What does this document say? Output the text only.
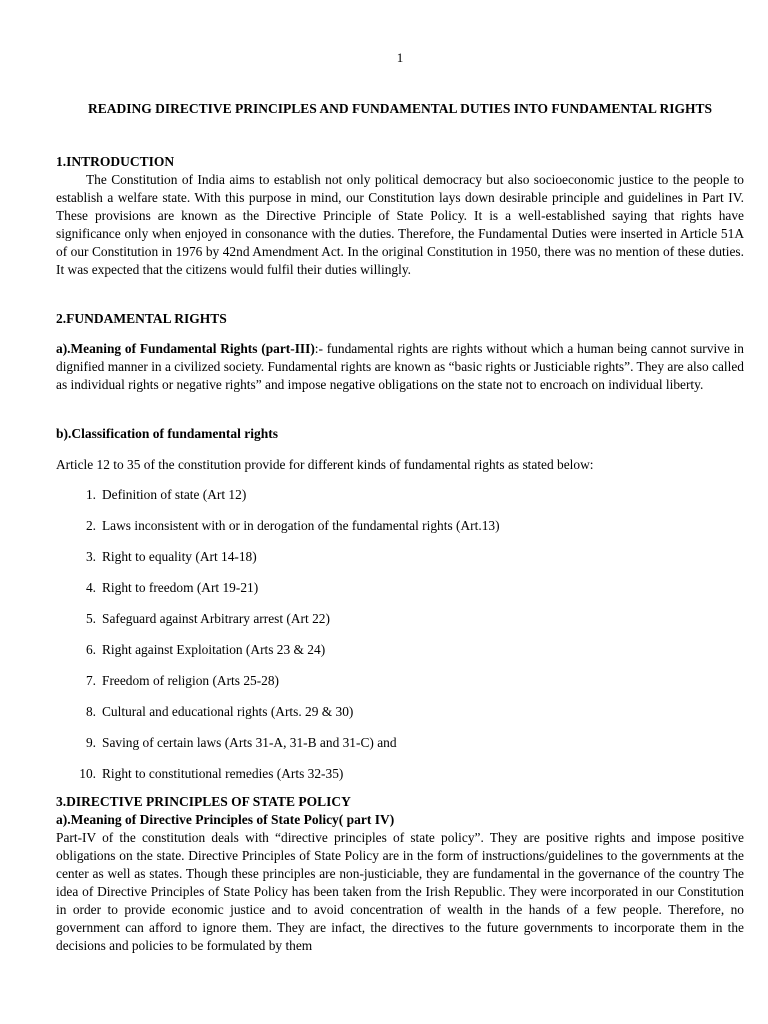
1
READING DIRECTIVE PRINCIPLES AND FUNDAMENTAL DUTIES INTO FUNDAMENTAL RIGHTS
1.INTRODUCTION
The Constitution of India aims to establish not only political democracy but also socioeconomic justice to the people to establish a welfare state. With this purpose in mind, our Constitution lays down desirable principle and guidelines in Part IV. These provisions are known as the Directive Principle of State Policy. It is a well-established saying that rights have significance only when enjoyed in consonance with the duties. Therefore, the Fundamental Duties were inserted in Article 51A of our Constitution in 1976 by 42nd Amendment Act. In the original Constitution in 1950, there was no mention of these duties. It was expected that the citizens would fulfil their duties willingly.
2.FUNDAMENTAL RIGHTS
a).Meaning of Fundamental Rights (part-III):- fundamental rights are rights without which a human being cannot survive in dignified manner in a civilized society. Fundamental rights are known as “basic rights or Justiciable rights”. They are also called as individual rights or negative rights” and impose negative obligations on the state not to encroach on individual liberty.
b).Classification of fundamental rights
Article 12 to 35 of the constitution provide for different kinds of fundamental rights as stated below:
1. Definition of state (Art 12)
2. Laws inconsistent with or in derogation of the fundamental rights (Art.13)
3. Right to equality (Art 14-18)
4. Right to freedom (Art 19-21)
5. Safeguard against Arbitrary arrest (Art 22)
6. Right against Exploitation (Arts 23 & 24)
7. Freedom of religion (Arts 25-28)
8. Cultural and educational rights (Arts. 29 & 30)
9. Saving of certain laws (Arts 31-A, 31-B and 31-C) and
10. Right to constitutional remedies (Arts 32-35)
3.DIRECTIVE PRINCIPLES OF STATE POLICY
a).Meaning of Directive Principles of State Policy( part IV)
Part-IV of the constitution deals with “directive principles of state policy”. They are positive rights and impose positive obligations on the state. Directive Principles of State Policy are in the form of instructions/guidelines to the governments at the center as well as states. Though these principles are non-justiciable, they are fundamental in the governance of the country The idea of Directive Principles of State Policy has been taken from the Irish Republic. They were incorporated in our Constitution in order to provide economic justice and to avoid concentration of wealth in the hands of a few people. Therefore, no government can afford to ignore them. They are infact, the directives to the future governments to incorporate them in the decisions and policies to be formulated by them
